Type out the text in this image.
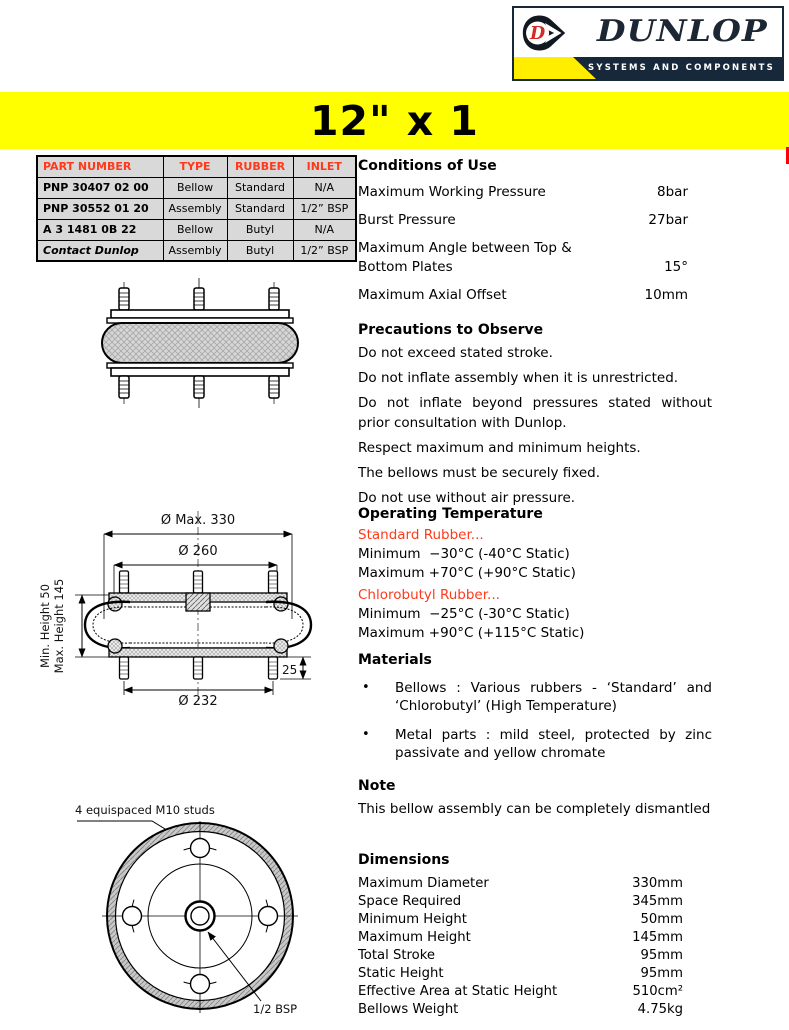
D	DUNLOP
SYSTEMS AND COMPONENTS
12" x 1
PART NUMBER	TYPE	RUBBER	INLET
PNP 30407 02 00	Bellow	Standard	N/A
PNP 30552 01 20	Assembly	Standard	1/2” BSP
A 3 1481 0B 22	Bellow	Butyl	N/A
Contact Dunlop	Assembly	Butyl	1/2” BSP
Ø Max. 330
Ø 260
Min. Height 50 Max. Height 145	25
Ø 232
4 equispaced M10 studs
1/2 BSP
Conditions of Use
Maximum Working Pressure	8bar
Burst Pressure	27bar
Maximum Angle between Top & Bottom Plates	15°
Maximum Axial Offset	10mm
Precautions to Observe
Do not exceed stated stroke.
Do not inflate assembly when it is unrestricted.
Do not inflate beyond pressures stated without prior consultation with Dunlop.
Respect maximum and minimum heights.
The bellows must be securely fixed.
Do not use without air pressure.
Operating Temperature
Standard Rubber...
Minimum  −30°C (-40°C Static)
Maximum +70°C (+90°C Static)
Chlorobutyl Rubber...
Minimum  −25°C (-30°C Static)
Maximum +90°C (+115°C Static)
Materials
•	Bellows : Various rubbers - ‘Standard’ and ‘Chlorobutyl’ (High Temperature)
•	Metal parts : mild steel, protected by zinc passivate and yellow chromate
Note
This bellow assembly can be completely dismantled
Dimensions
Maximum Diameter	330mm
Space Required	345mm
Minimum Height	50mm
Maximum Height	145mm
Total Stroke	95mm
Static Height	95mm
Effective Area at Static Height	510cm²
Bellows Weight	4.75kg
